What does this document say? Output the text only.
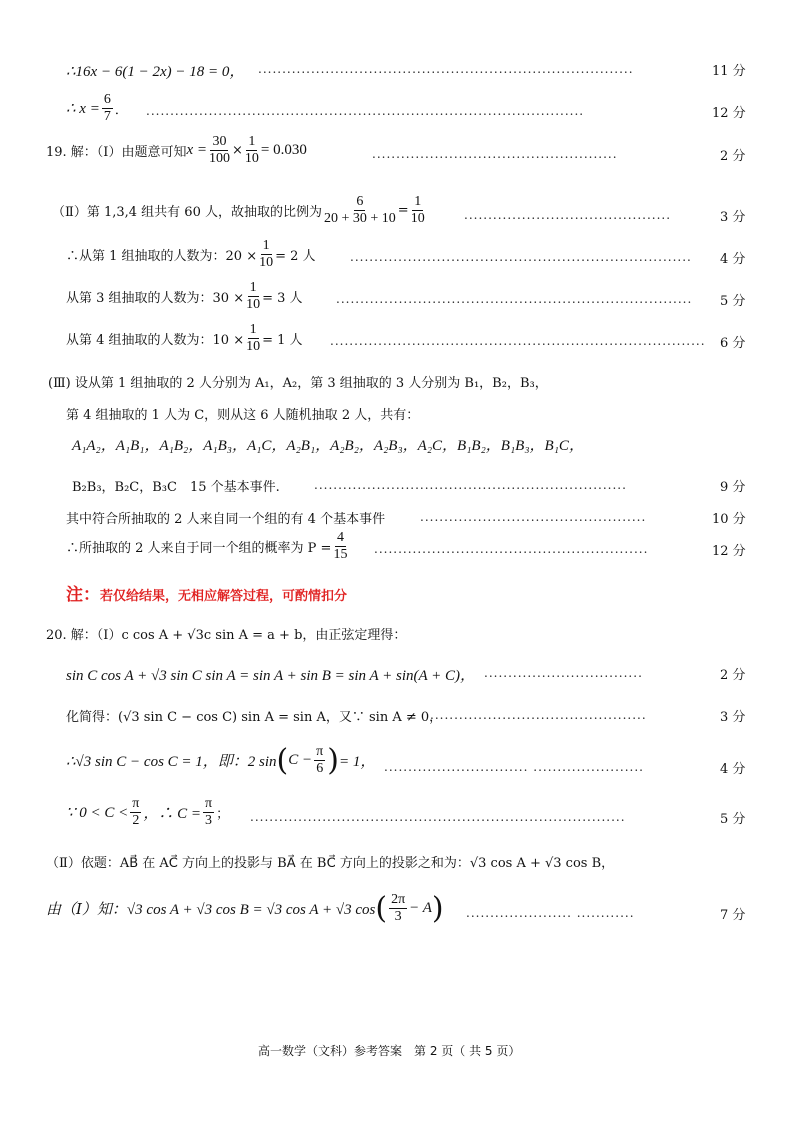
∴16x − 6(1 − 2x) − 18 = 0， ..............................................................................	11 分
∴ $x = \frac{6}{7}$ ． ...........................................................................................	12 分
19. 解：（Ⅰ）由题意可知 $x = \frac{30}{100} \times \frac{1}{10} = 0.030$	...................................................	2 分
（Ⅱ）第 1,3,4 组共有 60 人，故抽取的比例为 $\frac{6}{20 + 30 + 10} = \frac{1}{10}$	...........................................	3 分
∴从第 1 组抽取的人数为：$20 \times \frac{1}{10} = 2$ 人	....................................................................... 4 分
从第 3 组抽取的人数为：$30 \times \frac{1}{10} = 3$ 人	.......................................................................... 5 分
从第 4 组抽取的人数为：$10 \times \frac{1}{10} = 1$ 人 .............................................................................. 6 分
(Ⅲ) 设从第 1 组抽取的 2 人分别为 A₁，A₂，第 3 组抽取的 3 人分别为 B₁，B₂，B₃，
第 4 组抽取的 1 人为 C，则从这 6 人随机抽取 2 人，共有：
A₁A₂，A₁B₁，A₁B₂，A₁B₃，A₁C，A₂B₁，A₂B₂，A₂B₃，A₂C，B₁B₂，B₁B₃，B₁C，
B₂B₃，B₂C，B₃C　15 个基本事件.	.................................................................	9 分
其中符合所抽取的 2 人来自同一个组的有 4 个基本事件	...............................................	10 分
∴所抽取的 2 人来自于同一个组的概率为 $P = \frac{4}{15}$ .........................................................	12 分
注：若仅给结果，无相应解答过程，可酌情扣分
20. 解：（Ⅰ）c cos A + √3c sin A = a + b，由正弦定理得：
sin C cos A + √3 sin C sin A = sin A + sin B = sin A + sin(A + C)， .................................	2 分
化简得：(√3 sin C − cos C) sin A = sin A，又∵ sin A ≠ 0，
.............................................	3 分
∴√3 sin C − cos C = 1，即：2 sin ( $C - \frac{\pi}{6}$ ) = 1， .............................. .......................	4 分
∵ $0 < C < \frac{\pi}{2}$ ，∴ $C = \frac{\pi}{3}$ ； ..............................................................................	5 分
（Ⅱ）依题：AB⃗ 在 AC⃗ 方向上的投影与 BA⃗ 在 BC⃗ 方向上的投影之和为：√3 cos A + √3 cos B，
由（Ⅰ）知：√3 cos A + √3 cos B = √3 cos A + √3 cos ( $\frac{2\pi}{3} - A$ ) ...................... ............	7 分
高一数学（文科）参考答案　第 2 页（ 共 5 页）
